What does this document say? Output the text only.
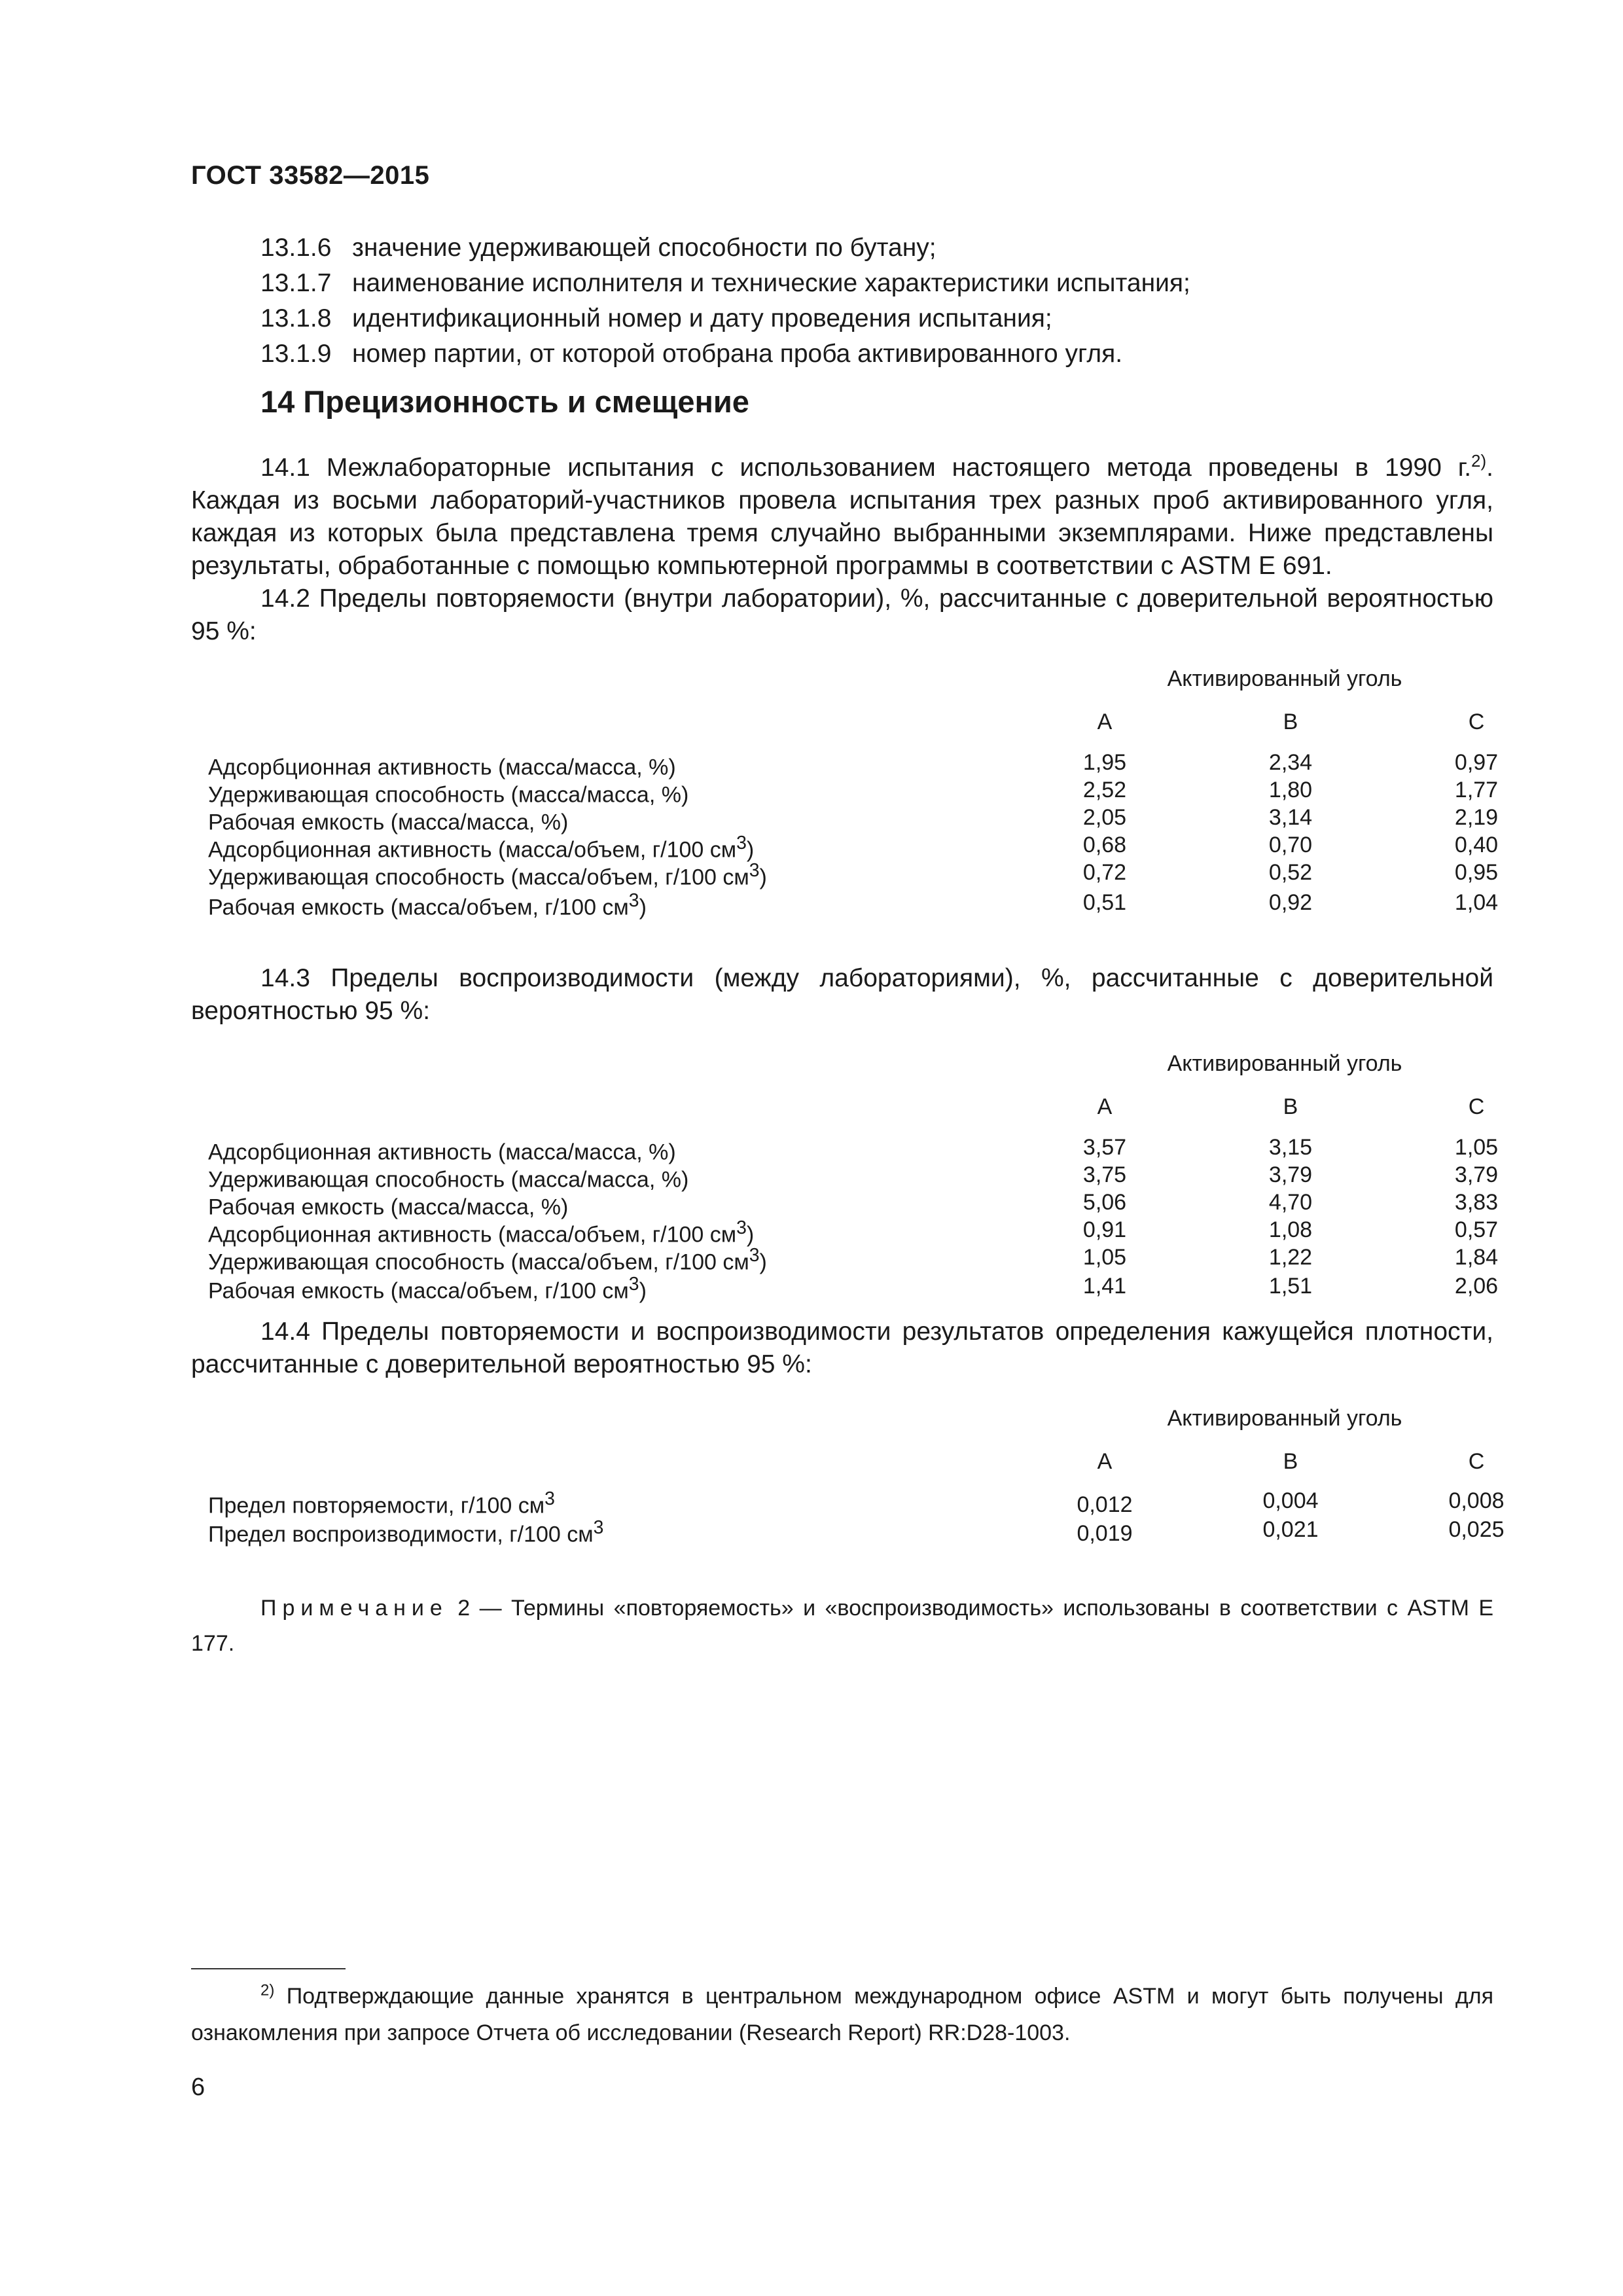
ГОСТ 33582—2015
13.1.6 значение удерживающей способности по бутану;
13.1.7 наименование исполнителя и технические характеристики испытания;
13.1.8 идентификационный номер и дату проведения испытания;
13.1.9 номер партии, от которой отобрана проба активированного угля.
14 Прецизионность и смещение
14.1 Межлабораторные испытания с использованием настоящего метода проведены в 1990 г.$^{2)}$. Каждая из восьми лабораторий-участников провела испытания трех разных проб активированного угля, каждая из которых была представлена тремя случайно выбранными экземплярами. Ниже представлены результаты, обработанные с помощью компьютерной программы в соответствии с ASTM E 691.
14.2 Пределы повторяемости (внутри лаборатории), %, рассчитанные с доверительной вероятностью 95 %:
Активированный уголь
A	B	C
Адсорбционная активность (масса/масса, %)	1,95	2,34	0,97
Удерживающая способность (масса/масса, %)	2,52	1,80	1,77
Рабочая емкость (масса/масса, %)	2,05	3,14	2,19
Адсорбционная активность (масса/объем, г/100 $см^3$)	0,68	0,70	0,40
Удерживающая способность (масса/объем, г/100 $см^3$)	0,72	0,52	0,95
Рабочая емкость (масса/объем, г/100 $см^3$)	0,51	0,92	1,04
14.3 Пределы воспроизводимости (между лабораториями), %, рассчитанные с доверительной вероятностью 95 %:
Активированный уголь
A	B	C
Адсорбционная активность (масса/масса, %)	3,57	3,15	1,05
Удерживающая способность (масса/масса, %)	3,75	3,79	3,79
Рабочая емкость (масса/масса, %)	5,06	4,70	3,83
Адсорбционная активность (масса/объем, г/100 $см^3$)	0,91	1,08	0,57
Удерживающая способность (масса/объем, г/100 $см^3$)	1,05	1,22	1,84
Рабочая емкость (масса/объем, г/100 $см^3$)	1,41	1,51	2,06
14.4 Пределы повторяемости и воспроизводимости результатов определения кажущейся плотности, рассчитанные с доверительной вероятностью 95 %:
Активированный уголь
A	B	C
Предел повторяемости, г/100 $см^3$	0,012	0,004	0,008
Предел воспроизводимости, г/100 $см^3$	0,019	0,021	0,025
Примечание 2 — Термины «повторяемость» и «воспроизводимость» использованы в соответствии с ASTM E 177.
$^{2)}$ Подтверждающие данные хранятся в центральном международном офисе ASTM и могут быть получены для ознакомления при запросе Отчета об исследовании (Research Report) RR:D28-1003.
6
